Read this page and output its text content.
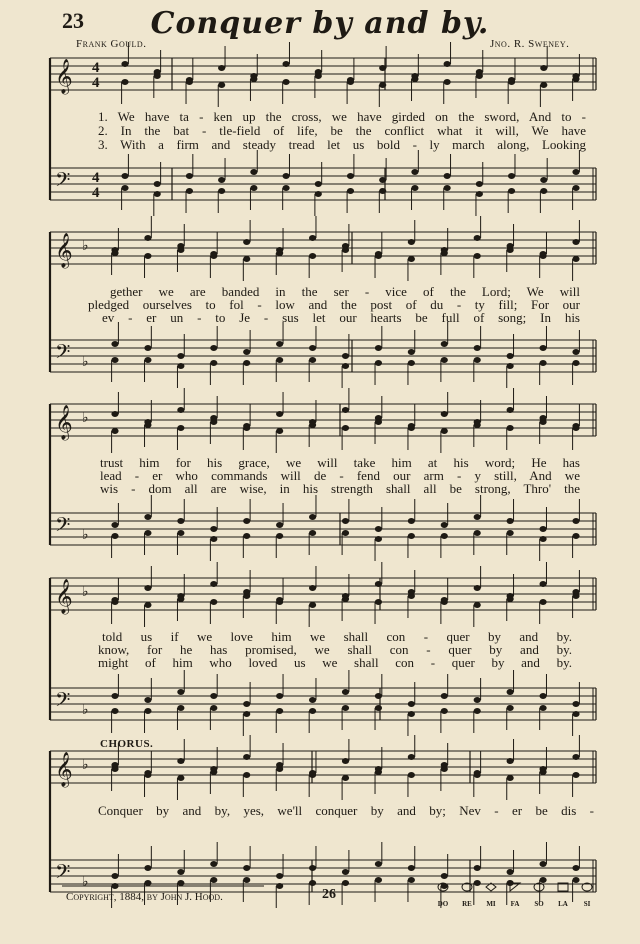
23	Conquer by and by.
Frank Gould.	Jno. R. Sweney.
𝄞
𝄢
4
4
4
4
𝄞
𝄢
♭
♭
𝄞
𝄢
♭
♭
𝄞
𝄢
♭
♭
𝄞
𝄢
♭
♭
1. We have ta - ken up the cross, we have girded on the sword, And to -
2. In the bat - tle-field of life, be the conflict what it will, We have
3. With a firm and steady tread let us bold - ly march along, Looking
gether we are banded in the ser - vice of the Lord; We will
pledged ourselves to fol - low and the post of du - ty fill; For our
ev - er un - to Je - sus let our hearts be full of song; In his
trust him for his grace, we will take him at his word; He has
lead - er who commands will de - fend our arm - y still, And we
wis - dom all are wise, in his strength shall all be strong, Thro' the
told us if we love him we shall con - quer by and by.
know, for he has promised, we shall con - quer by and by.
might of him who loved us we shall con - quer by and by.
CHORUS.
Conquer by and by, yes, we'll conquer by and by; Nev - er be dis -
Copyright, 1884, by John J. Hood.	26
DO	RE	MI	FA	SO	LA	SI
